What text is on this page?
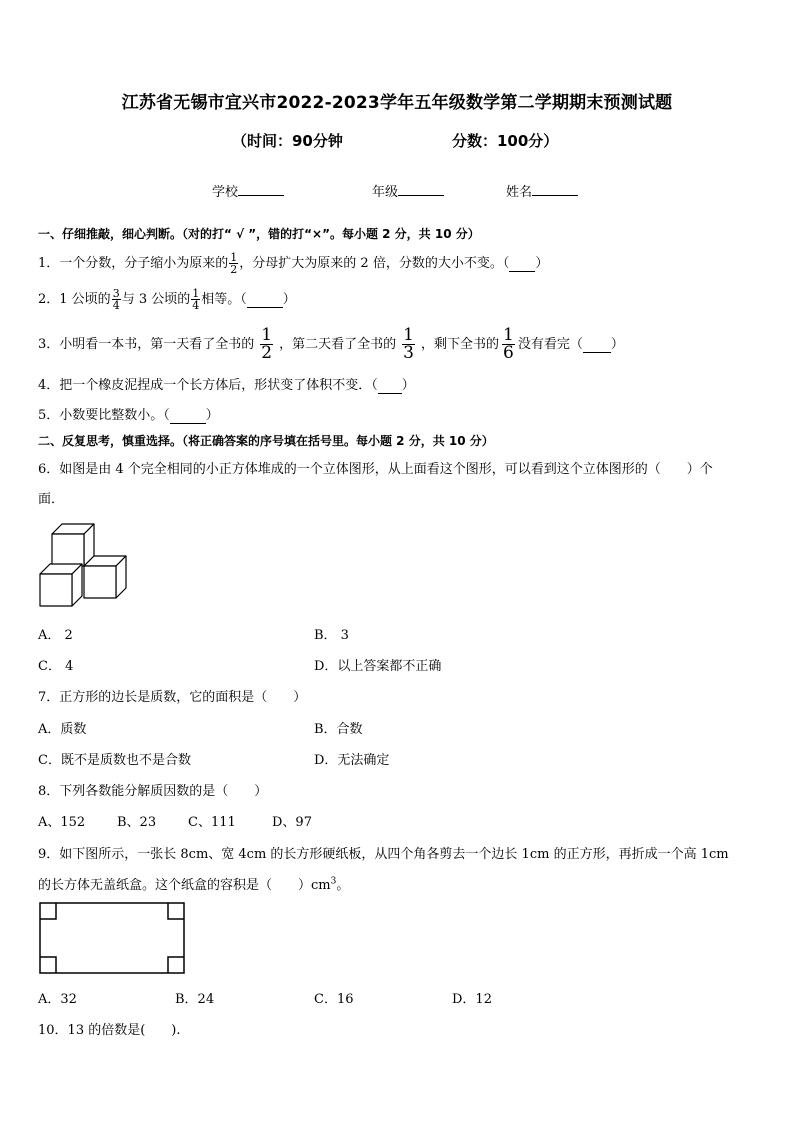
江苏省无锡市宜兴市2022-2023学年五年级数学第二学期期末预测试题
（时间：90分钟	分数：100分）
学校	年级	姓名
一、仔细推敲，细心判断。（对的打“ √ ”，错的打“×”。每小题 2 分，共 10 分）
1．一个分数，分子缩小为原来的 $\frac{1}{2}$ ，分母扩大为原来的 2 倍，分数的大小不变。（ ）
2．1 公顷的 $\frac{3}{4}$ 与 3 公顷的 $\frac{1}{4}$ 相等。（	）
3．小明看一本书，第一天看了全书的 $\frac{1}{2}$ ，第二天看了全书的 $\frac{1}{3}$ ，剩下全书的 $\frac{1}{6}$ 没有看完（ ）
4．把一个橡皮泥捏成一个长方体后，形状变了体积不变．（ ）
5．小数要比整数小。（	）
二、反复思考，慎重选择。（将正确答案的序号填在括号里。每小题 2 分，共 10 分）
6．如图是由 4 个完全相同的小正方体堆成的一个立体图形，从上面看这个图形，可以看到这个立体图形的（　　）个
面．
A． 2	B． 3
C． 4	D．以上答案都不正确
7．正方形的边长是质数，它的面积是（　　）
A．质数	B．合数
C．既不是质数也不是合数	D．无法确定
8．下列各数能分解质因数的是（　　）
A、152 B、23 C、111	D、97
9．如下图所示，一张长 8cm、宽 4cm 的长方形硬纸板，从四个角各剪去一个边长 1cm 的正方形，再折成一个高 1cm
的长方体无盖纸盒。这个纸盒的容积是（　　）$cm^3$。
A．32	B．24	C．16	D．12
10．13 的倍数是(　　).
